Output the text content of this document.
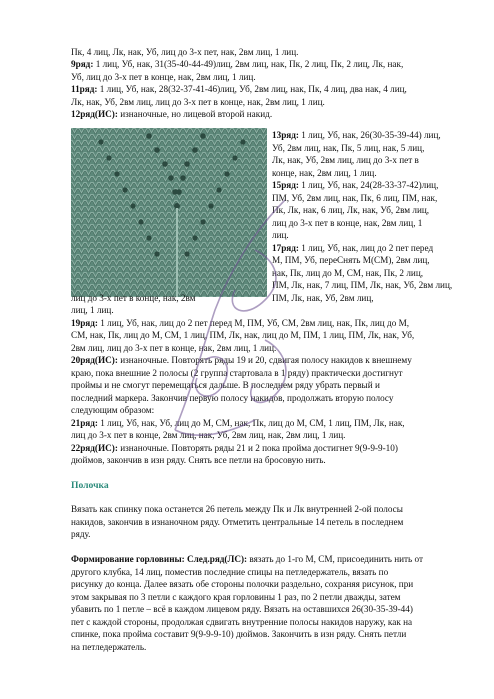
Пк, 4 лиц, Лк, нак, Уб, лиц до 3-х пет, нак, 2вм лиц, 1 лиц.
9ряд: 1 лиц, Уб, нак, 31(35-40-44-49)лиц, 2вм лиц, нак, Пк, 2 лиц, Пк, 2 лиц, Лк, нак,
Уб, лиц до 3-х пет в конце, нак, 2вм лиц, 1 лиц.
11ряд: 1 лиц, Уб, нак, 28(32-37-41-46)лиц, Уб, 2вм лиц, нак, Пк, 4 лиц, два нак, 4 лиц,
Лк, нак, Уб, 2вм лиц, лиц до 3-х пет в конце, нак, 2вм лиц, 1 лиц.
12ряд(ИС): изнаночные, но лицевой второй накид.
13ряд: 1 лиц, Уб, нак, 26(30-35-39-44) лиц,
Уб, 2вм лиц, нак, Пк, 5 лиц, нак, 5 лиц,
Лк, нак, Уб, 2вм лиц, лиц до 3-х пет в
конце, нак, 2вм лиц, 1 лиц.
15ряд: 1 лиц, Уб, нак, 24(28-33-37-42)лиц,
ПМ, Уб, 2вм лиц, нак, Пк, 6 лиц, ПМ, нак,
Пк, Лк, нак, 6 лиц, Лк, нак, Уб, 2вм лиц,
лиц до 3-х пет в конце, нак, 2вм лиц, 1
лиц.
17ряд: 1 лиц, Уб, нак, лиц до 2 пет перед
М, ПМ, Уб, переСнять М(СМ), 2вм лиц,
нак, Пк, лиц до М, СМ, нак, Пк, 2 лиц,
ПМ, Лк, нак, 7 лиц, ПМ, Лк, нак, Уб, 2вм лиц,
ПМ, Лк, нак, Уб, 2вм лиц,
лиц до 3-х пет в конце, нак, 2вм
лиц, 1 лиц.
19ряд: 1 лиц, Уб, нак, лиц до 2 пет перед М, ПМ, Уб, СМ, 2вм лиц, нак, Пк, лиц до М,
СМ, нак, Пк, лиц до М, СМ, 1 лиц, ПМ, Лк, нак, лиц до М, ПМ, 1 лиц, ПМ, Лк, нак, Уб,
2вм лиц, лиц до 3-х пет в конце, нак, 2вм лиц, 1 лиц.
20ряд(ИС): изнаночные. Повторять ряды 19 и 20, сдвигая полосу накидов к внешнему
краю, пока внешние 2 полосы (2 группа стартовала в 1 ряду) практически достигнут
проймы и не смогут перемещаться дальше. В последнем ряду убрать первый и
последний маркера. Закончив первую полосу накидов, продолжать вторую полосу
следующим образом:
21ряд: 1 лиц, Уб, нак, Уб, лиц до М, СМ, нак, Пк, лиц до М, СМ, 1 лиц, ПМ, Лк, нак,
лиц до 3-х пет в конце, 2вм лиц, нак, Уб, 2вм лиц, нак, 2вм лиц, 1 лиц.
22ряд(ИС): изнаночные. Повторять ряды 21 и 2 пока пройма достигнет 9(9-9-9-10)
дюймов, закончив в изн ряду. Снять все петли на бросовую нить.
Полочка
Вязать как спинку пока останется 26 петель между Пк и Лк внутренней 2-ой полосы
накидов, закончив в изнаночном ряду. Отметить центральные 14 петель в последнем
ряду.
Формирование горловины: След.ряд(ЛС): вязать до 1-го М, СМ, присоединить нить от
другого клубка, 14 лиц, поместив последние спицы на петледержатель, вязать по
рисунку до конца. Далее вязать обе стороны полочки раздельно, сохраняя рисунок, при
этом закрывая по 3 петли с каждого края горловины 1 раз, по 2 петли дважды, затем
убавить по 1 петле – всё в каждом лицевом ряду. Вязать на оставшихся 26(30-35-39-44)
пет с каждой стороны, продолжая сдвигать внутренние полосы накидов наружу, как на
спинке, пока пройма составит 9(9-9-9-10) дюймов. Закончить в изн ряду. Снять петли
на петледержатель.
